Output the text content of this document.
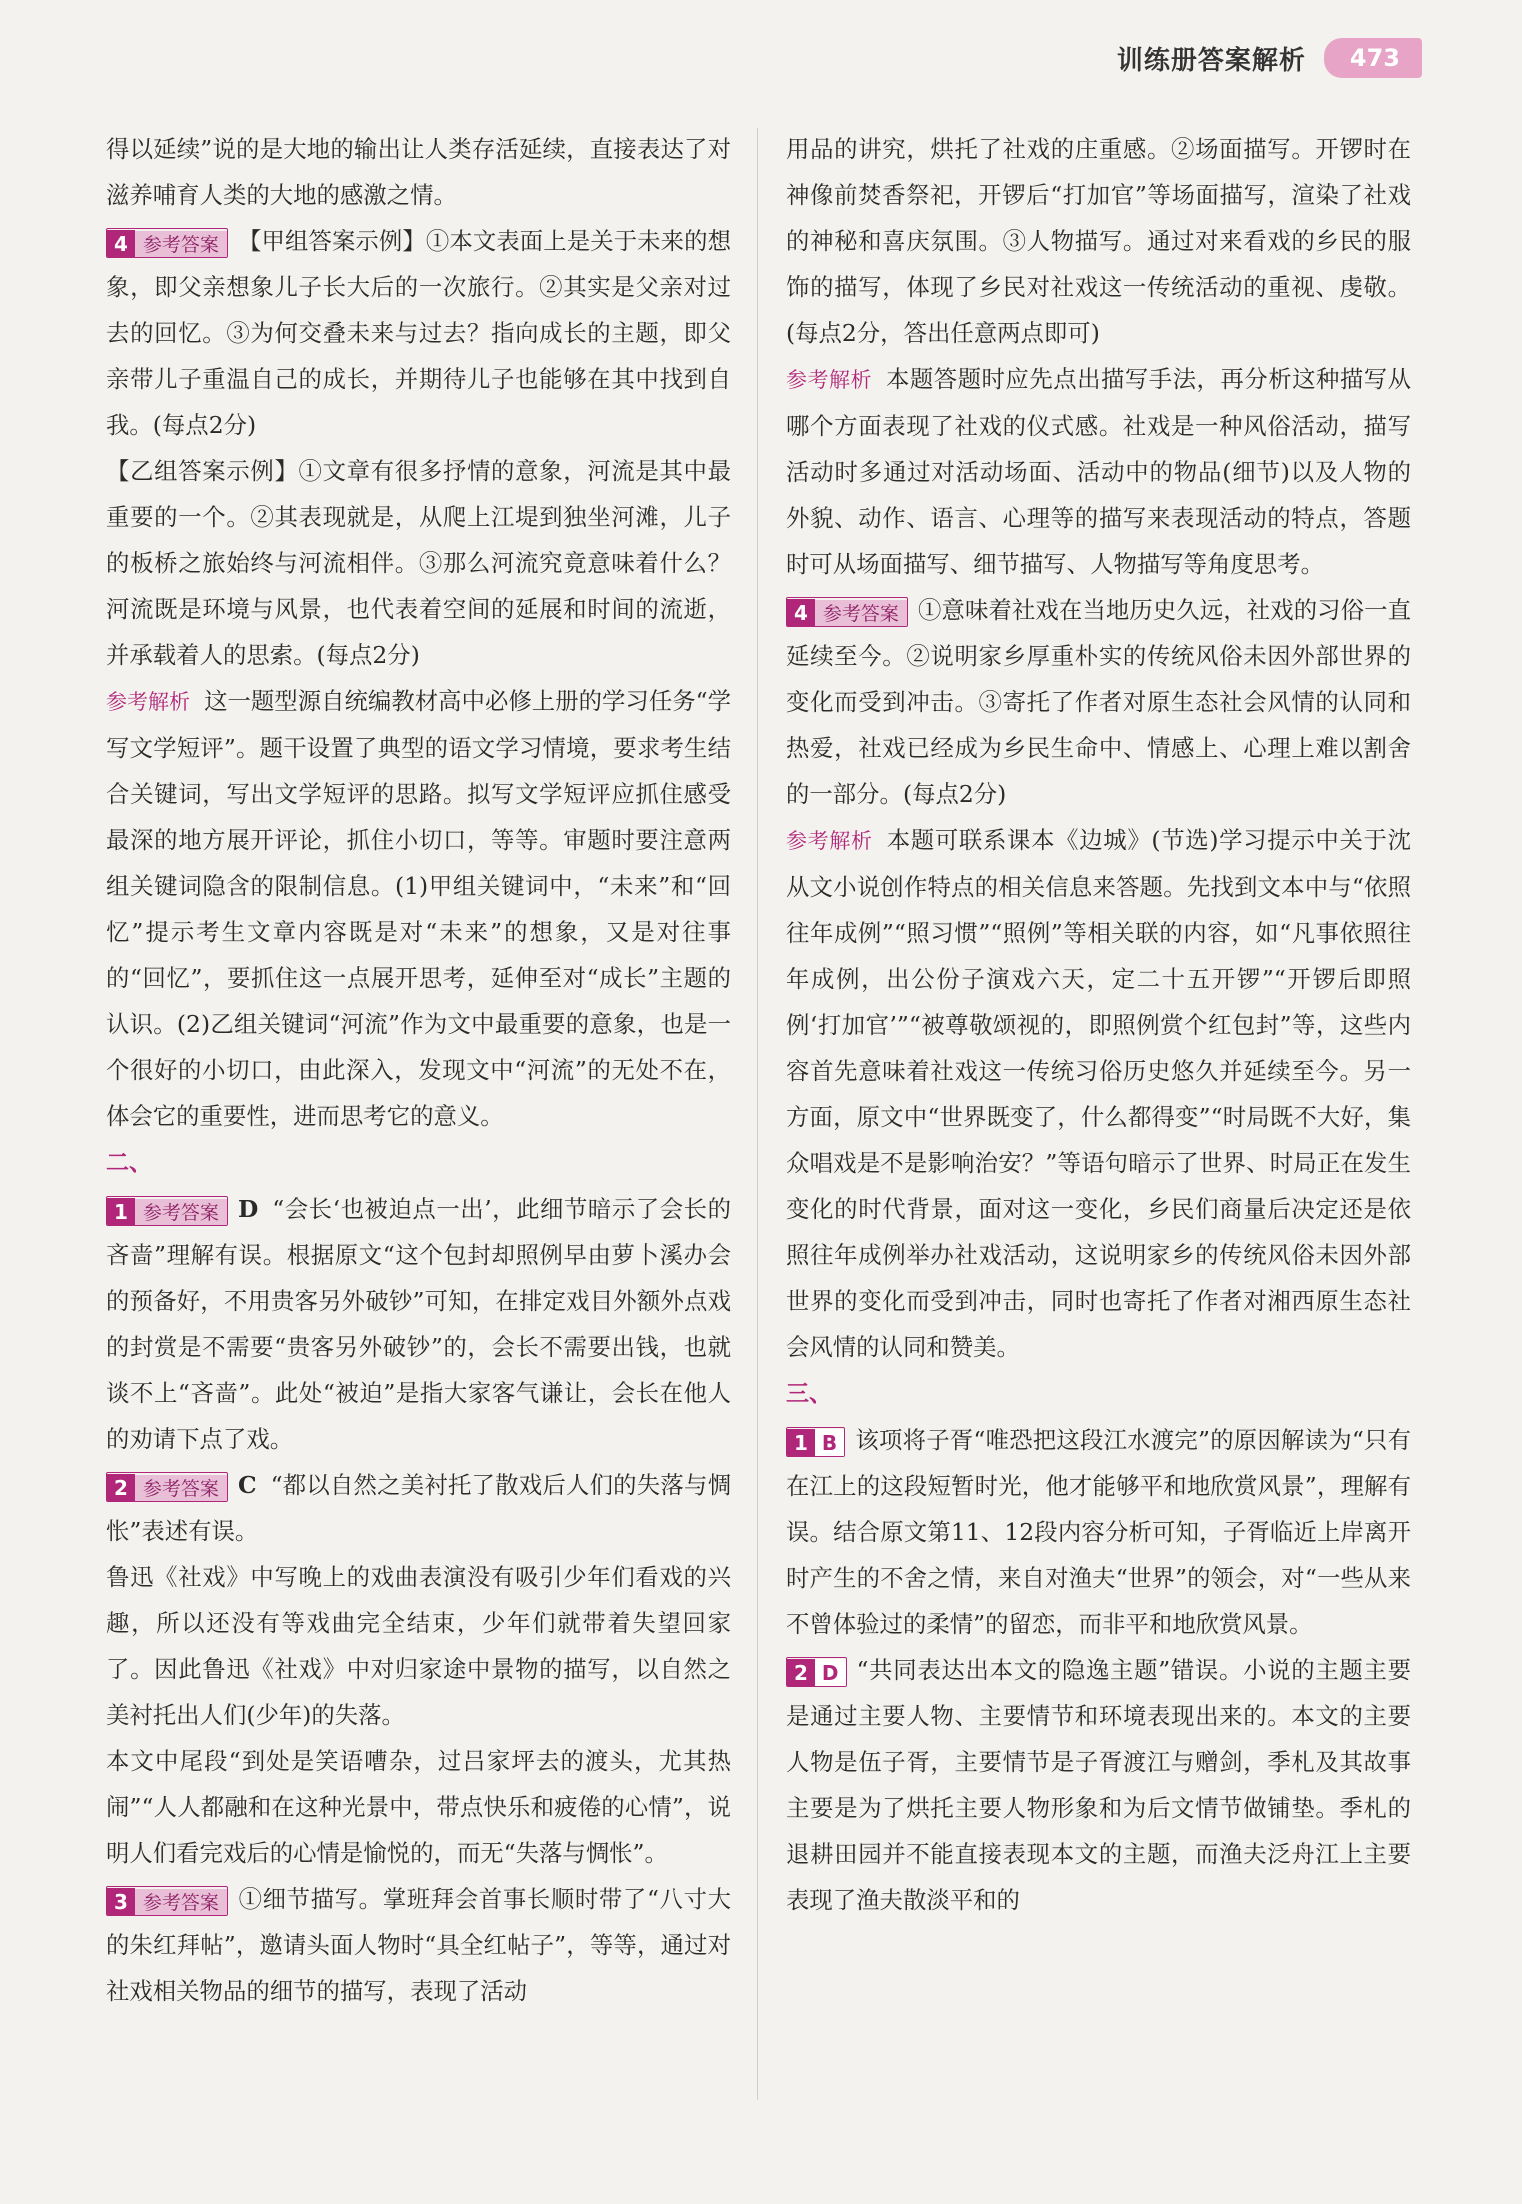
训练册答案解析	473

得以延续”说的是大地的输出让人类存活延续，直接表达了对滋养哺育人类的大地的感激之情。

4 参考答案 【甲组答案示例】①本文表面上是关于未来的想象，即父亲想象儿子长大后的一次旅行。②其实是父亲对过去的回忆。③为何交叠未来与过去？指向成长的主题，即父亲带儿子重温自己的成长，并期待儿子也能够在其中找到自我。(每点2分)

【乙组答案示例】①文章有很多抒情的意象，河流是其中最重要的一个。②其表现就是，从爬上江堤到独坐河滩，儿子的板桥之旅始终与河流相伴。③那么河流究竟意味着什么？河流既是环境与风景，也代表着空间的延展和时间的流逝，并承载着人的思索。(每点2分)

参考解析 这一题型源自统编教材高中必修上册的学习任务“学写文学短评”。题干设置了典型的语文学习情境，要求考生结合关键词，写出文学短评的思路。拟写文学短评应抓住感受最深的地方展开评论，抓住小切口，等等。审题时要注意两组关键词隐含的限制信息。(1)甲组关键词中，“未来”和“回忆”提示考生文章内容既是对“未来”的想象，又是对往事的“回忆”，要抓住这一点展开思考，延伸至对“成长”主题的认识。(2)乙组关键词“河流”作为文中最重要的意象，也是一个很好的小切口，由此深入，发现文中“河流”的无处不在，体会它的重要性，进而思考它的意义。

二、

1 参考答案 D “会长‘也被迫点一出’，此细节暗示了会长的吝啬”理解有误。根据原文“这个包封却照例早由萝卜溪办会的预备好，不用贵客另外破钞”可知，在排定戏目外额外点戏的封赏是不需要“贵客另外破钞”的，会长不需要出钱，也就谈不上“吝啬”。此处“被迫”是指大家客气谦让，会长在他人的劝请下点了戏。

2 参考答案 C “都以自然之美衬托了散戏后人们的失落与惆怅”表述有误。

鲁迅《社戏》中写晚上的戏曲表演没有吸引少年们看戏的兴趣，所以还没有等戏曲完全结束，少年们就带着失望回家了。因此鲁迅《社戏》中对归家途中景物的描写，以自然之美衬托出人们(少年)的失落。

本文中尾段“到处是笑语嘈杂，过吕家坪去的渡头，尤其热闹”“人人都融和在这种光景中，带点快乐和疲倦的心情”，说明人们看完戏后的心情是愉悦的，而无“失落与惆怅”。

3 参考答案 ①细节描写。掌班拜会首事长顺时带了“八寸大的朱红拜帖”，邀请头面人物时“具全红帖子”，等等，通过对社戏相关物品的细节的描写，表现了活动

用品的讲究，烘托了社戏的庄重感。②场面描写。开锣时在神像前焚香祭祀，开锣后“打加官”等场面描写，渲染了社戏的神秘和喜庆氛围。③人物描写。通过对来看戏的乡民的服饰的描写，体现了乡民对社戏这一传统活动的重视、虔敬。(每点2分，答出任意两点即可)

参考解析 本题答题时应先点出描写手法，再分析这种描写从哪个方面表现了社戏的仪式感。社戏是一种风俗活动，描写活动时多通过对活动场面、活动中的物品(细节)以及人物的外貌、动作、语言、心理等的描写来表现活动的特点，答题时可从场面描写、细节描写、人物描写等角度思考。

4 参考答案 ①意味着社戏在当地历史久远，社戏的习俗一直延续至今。②说明家乡厚重朴实的传统风俗未因外部世界的变化而受到冲击。③寄托了作者对原生态社会风情的认同和热爱，社戏已经成为乡民生命中、情感上、心理上难以割舍的一部分。(每点2分)

参考解析 本题可联系课本《边城》(节选)学习提示中关于沈从文小说创作特点的相关信息来答题。先找到文本中与“依照往年成例”“照习惯”“照例”等相关联的内容，如“凡事依照往年成例，出公份子演戏六天，定二十五开锣”“开锣后即照例‘打加官’”“被尊敬颂视的，即照例赏个红包封”等，这些内容首先意味着社戏这一传统习俗历史悠久并延续至今。另一方面，原文中“世界既变了，什么都得变”“时局既不大好，集众唱戏是不是影响治安？”等语句暗示了世界、时局正在发生变化的时代背景，面对这一变化，乡民们商量后决定还是依照往年成例举办社戏活动，这说明家乡的传统风俗未因外部世界的变化而受到冲击，同时也寄托了作者对湘西原生态社会风情的认同和赞美。

三、

1 B 该项将子胥“唯恐把这段江水渡完”的原因解读为“只有在江上的这段短暂时光，他才能够平和地欣赏风景”，理解有误。结合原文第11、12段内容分析可知，子胥临近上岸离开时产生的不舍之情，来自对渔夫“世界”的领会，对“一些从来不曾体验过的柔情”的留恋，而非平和地欣赏风景。

2 D “共同表达出本文的隐逸主题”错误。小说的主题主要是通过主要人物、主要情节和环境表现出来的。本文的主要人物是伍子胥，主要情节是子胥渡江与赠剑，季札及其故事主要是为了烘托主要人物形象和为后文情节做铺垫。季札的退耕田园并不能直接表现本文的主题，而渔夫泛舟江上主要表现了渔夫散淡平和的
